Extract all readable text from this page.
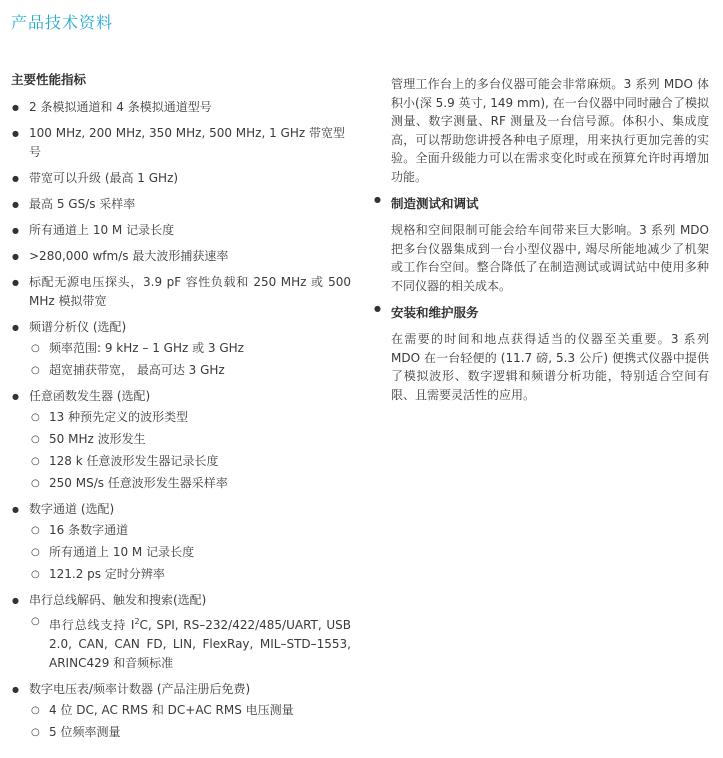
产品技术资料
主要性能指标
● 2 条模拟通道和 4 条模拟通道型号
● 100 MHz, 200 MHz, 350 MHz, 500 MHz, 1 GHz 带宽型号
● 带宽可以升级 (最高 1 GHz)
● 最高 5 GS/s 采样率
● 所有通道上 10 M 记录长度
● >280,000 wfm/s 最大波形捕获速率
● 标配无源电压探头，3.9 pF 容性负载和 250 MHz 或 500 MHz 模拟带宽
● 频谱分析仪 (选配)
○ 频率范围: 9 kHz – 1 GHz 或 3 GHz
○ 超宽捕获带宽， 最高可达 3 GHz
● 任意函数发生器 (选配)
○ 13 种预先定义的波形类型
○ 50 MHz 波形发生
○ 128 k 任意波形发生器记录长度
○ 250 MS/s 任意波形发生器采样率
● 数字通道 (选配)
○ 16 条数字通道
○ 所有通道上 10 M 记录长度
○ 121.2 ps 定时分辨率
● 串行总线解码、触发和搜索(选配)
○ 串行总线支持 $I^2C$, SPI, RS–232/422/485/UART, USB 2.0, CAN, CAN FD, LIN, FlexRay, MIL–STD–1553, ARINC429 和音频标准
● 数字电压表/频率计数器 (产品注册后免费)
○ 4 位 DC, AC RMS 和 DC+AC RMS 电压测量
○ 5 位频率测量

管理工作台上的多台仪器可能会非常麻烦。3 系列 MDO 体积小(深 5.9 英寸, 149 mm), 在一台仪器中同时融合了模拟测量、数字测量、RF 测量及一台信号源。体积小、集成度高，可以帮助您讲授各种电子原理，用来执行更加完善的实验。全面升级能力可以在需求变化时或在预算允许时再增加功能。

● 制造测试和调试

规格和空间限制可能会给车间带来巨大影响。3 系列 MDO 把多台仪器集成到一台小型仪器中, 竭尽所能地减少了机架或工作台空间。整合降低了在制造测试或调试站中使用多种不同仪器的相关成本。

● 安装和维护服务

在需要的时间和地点获得适当的仪器至关重要。3 系列 MDO 在一台轻便的 (11.7 磅, 5.3 公斤) 便携式仪器中提供了模拟波形、数字逻辑和频谱分析功能，特别适合空间有限、且需要灵活性的应用。
